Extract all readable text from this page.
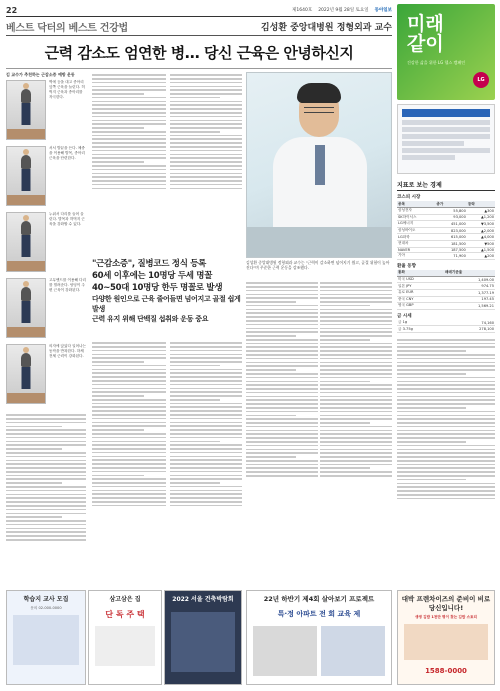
22	제1640호 2022년 9월 28일 토요일 동아일보
베스트 닥터의 베스트 건강법	김성환 중앙대병원 정형외과 교수
근력 감소도 엄연한 병… 당신 근육은 안녕하신지
미래
같이
건강한 삶을 위한 LG 헬스 캠페인
LG
김 교수가 추천하는 근감소증 예방 운동
벽에 등을 대고 종아리 앞쪽 근육을 늘린다. 허벅지 근육과 종아리를 자극한다.
서서 발끝을 든다. 체중을 이용해 발목, 종아리 근육을 단련한다.
누워서 다리를 들어 올린다. 발목과 허벅지 근육을 강화할 수 있다.
고무밴드를 이용해 다리를 벌려준다. 엉덩이 주변 근육이 강화된다.
의자에 앉았다 일어나는 동작을 반복한다. 하체 전체 근력이 강화된다.
"근감소증", 질병코드 정식 등록
60세 이후에는 10명당 두세 명꼴
40~50대 10명당 한두 명꼴로 발생
다양한 원인으로 근육 줄어들면 넘어지고 골절 쉽게 발생
근력 유지 위해 단백질 섭취와 운동 중요
김성환 중앙대병원 정형외과 교수는 "근력이 감소하면 넘어지기 쉽고, 골절 위험이 높아진다"며 꾸준한 근력 운동을 강조했다.
지표로 보는 경제
코스피 시장
종목	종가	등락
삼성전자	55,800	▲300
SK하이닉스	93,000	▲1,200
LG에너지	451,000	▼3,500
삼성바이오	823,000	▲2,000
LG화학	615,000	▲4,000
현대차	181,500	▼500
NAVER	187,500	▲1,500
기아	71,900	▲200
환율 동향
통화	매매기준율
미국 USD	1,409.00
일본 JPY	974.75
유로 EUR	1,377.19
중국 CNY	197.45
영국 GBP	1,569.21
금 시세
금 1g	74,160
금 3.75g	278,100
학습지 교사 모집
문의 02-000-0000
삼고삼은 집
단 독 주 택
2022 서울 건축박람회	22년 하반기 제4회 살아보기 프로젝트
특·정 아파트 전 회 교육 제
대박 프렌차이즈의 준비이 비로 당신입니다!
생생 김밥 1천만 명이 찾는 김밥 스토리
1588-0000
